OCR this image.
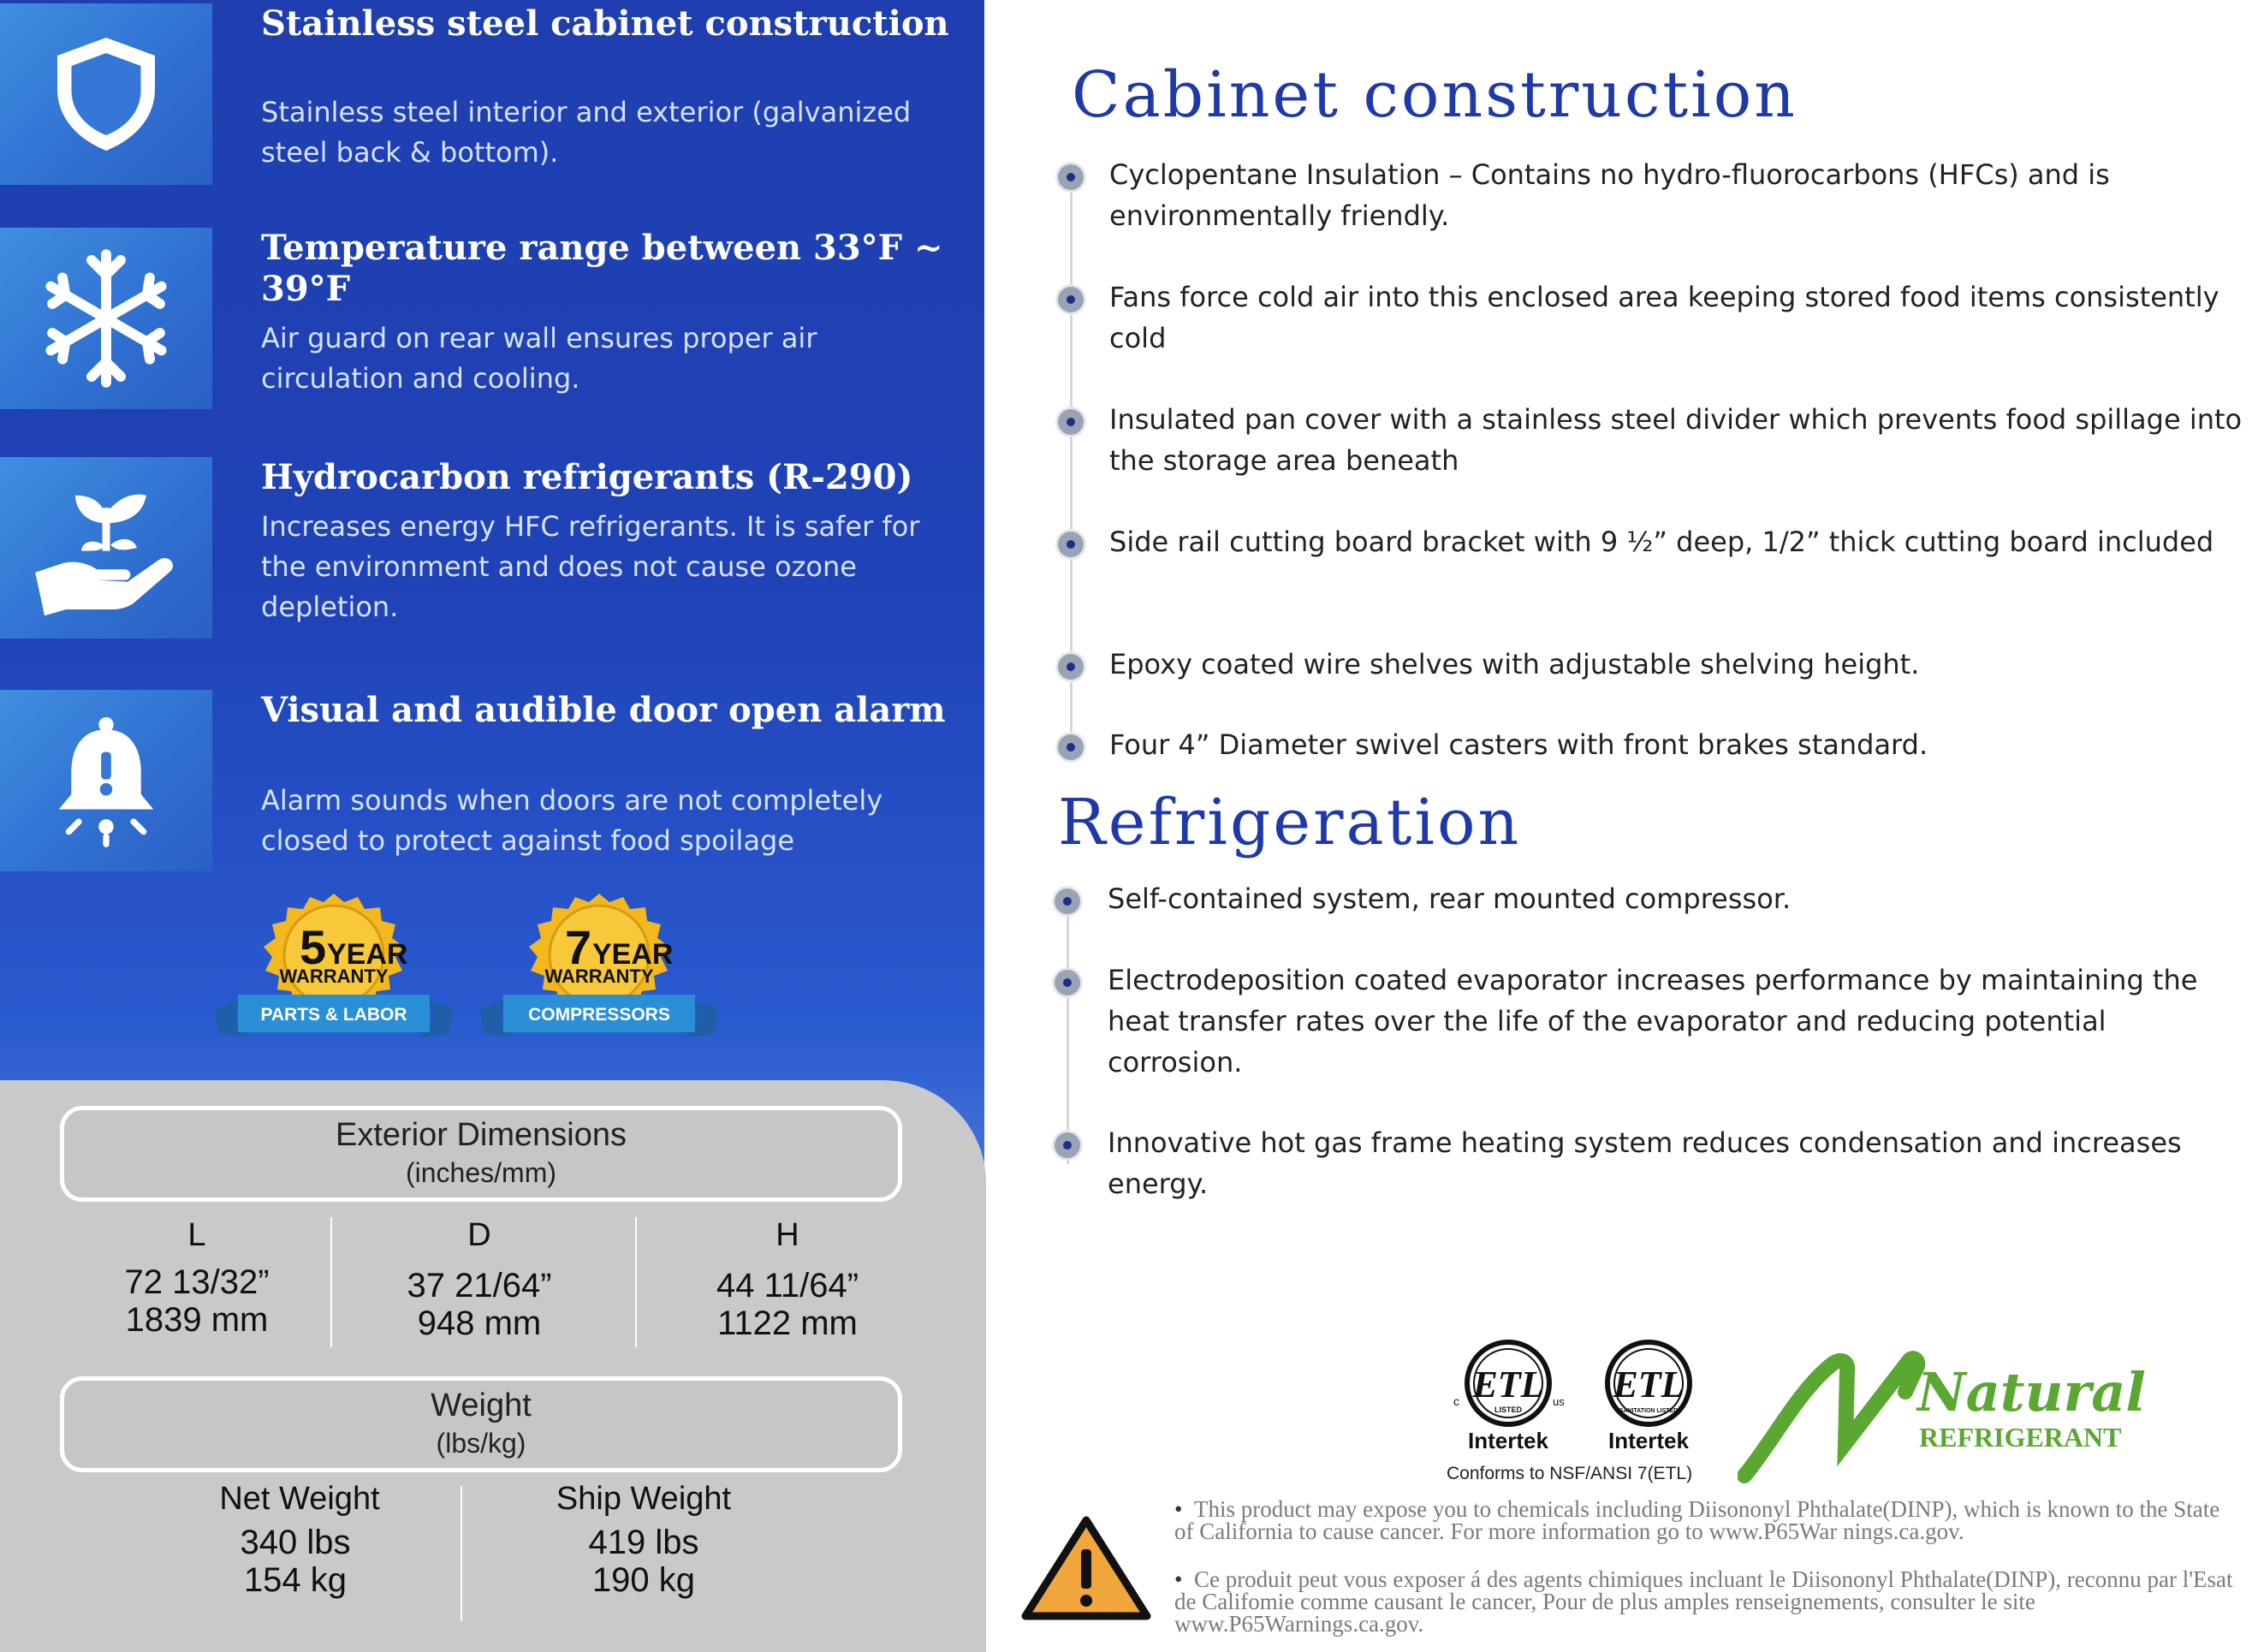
Stainless steel cabinet construction
Stainless steel interior and exterior (galvanized steel back & bottom).
Temperature range between 33°F ~ 39°F
Air guard on rear wall ensures proper air circulation and cooling.
Hydrocarbon refrigerants (R-290)
Increases energy HFC refrigerants. It is safer for the environment and does not cause ozone depletion.
Visual and audible door open alarm
Alarm sounds when doors are not completely closed to protect against food spoilage
5 YEAR
WARRANTY
PARTS & LABOR
7 YEAR
WARRANTY
COMPRESSORS
Exterior Dimensions
(inches/mm)
L
72 13/32”
1839 mm
D
37 21/64”
948 mm
H
44 11/64”
1122 mm
Weight
(lbs/kg)
Net Weight
340 lbs
154 kg
Ship Weight
419 lbs
190 kg
Cabinet construction
Cyclopentane Insulation – Contains no hydro-fluorocarbons (HFCs) and is environmentally friendly.
Fans force cold air into this enclosed area keeping stored food items consistently cold
Insulated pan cover with a stainless steel divider which prevents food spillage into the storage area beneath
Side rail cutting board bracket with 9 ½” deep, 1/2” thick cutting board included
Epoxy coated wire shelves with adjustable shelving height.
Four 4” Diameter swivel casters with front brakes standard.
Refrigeration
Self-contained system, rear mounted compressor.
Electrodeposition coated evaporator increases performance by maintaining the heat transfer rates over the life of the evaporator and reducing potential corrosion.
Innovative hot gas frame heating system reduces condensation and increases energy.
ETL
LISTED
c	us
Intertek
ETL
SANITATION LISTED
Intertek
Conforms to NSF/ANSI 7(ETL)
Natural
REFRIGERANT
•  This product may expose you to chemicals including Diisononyl Phthalate(DINP), which is known to the State of California to cause cancer. For more information go to www.P65War nings.ca.gov.
•  Ce produit peut vous exposer á des agents chimiques incluant le Diisononyl Phthalate(DINP), reconnu par l'Esat de Califomie comme causant le cancer, Pour de plus amples renseignements, consulter le site www.P65Warnings.ca.gov.
